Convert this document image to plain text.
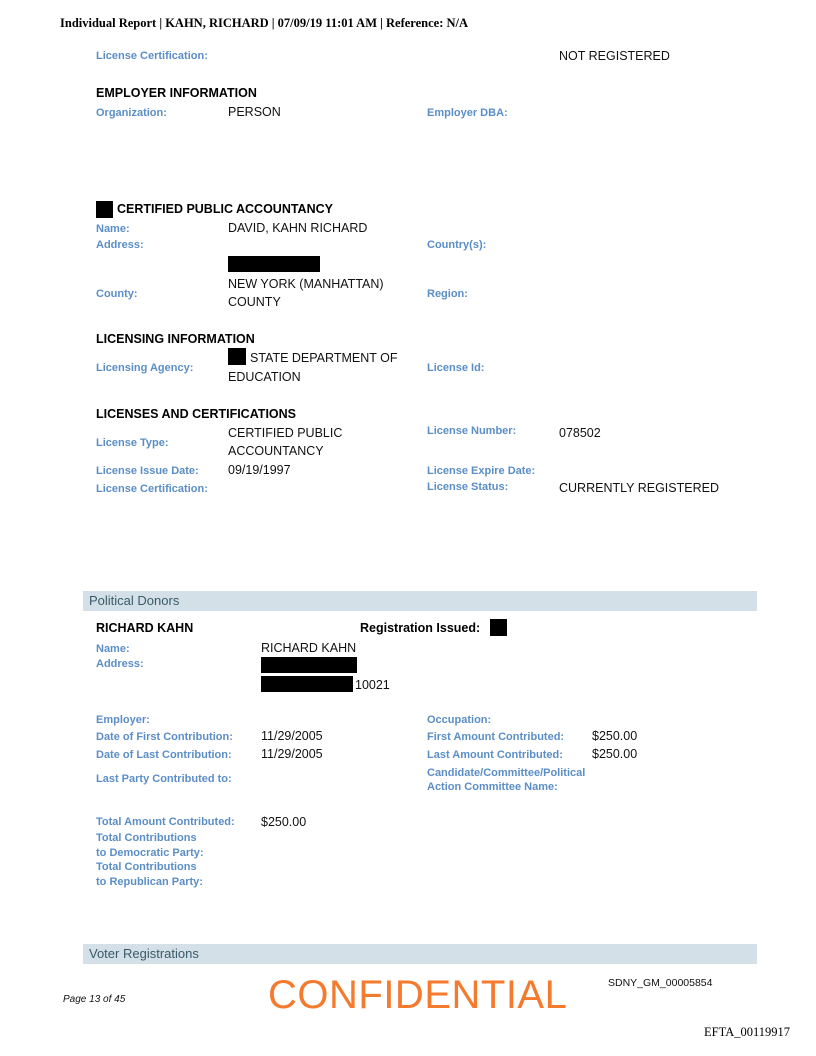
Individual Report | KAHN, RICHARD | 07/09/19 11:01 AM | Reference: N/A
License Certification:	NOT REGISTERED
EMPLOYER INFORMATION
Organization:	PERSON	Employer DBA:
CERTIFIED PUBLIC ACCOUNTANCY
Name:	DAVID, KAHN RICHARD
Address:	Country(s):
County:
NEW YORK (MANHATTAN)
COUNTY
Region:
LICENSING INFORMATION
Licensing Agency:
STATE DEPARTMENT OF
EDUCATION
License Id:
LICENSES AND CERTIFICATIONS
License Type:
CERTIFIED PUBLIC
ACCOUNTANCY
License Number:	078502
License Issue Date: 09/19/1997	License Expire Date:
License Certification:	License Status:	CURRENTLY REGISTERED
Political Donors
RICHARD KAHN	Registration Issued:
Name:	RICHARD KAHN
Address:
10021
Employer:	Occupation:
Date of First Contribution: 11/29/2005	First Amount Contributed: $250.00
Date of Last Contribution: 11/29/2005	Last Amount Contributed: $250.00
Last Party Contributed to:	Candidate/Committee/Political
Action Committee Name:
Total Amount Contributed: $250.00
Total Contributions
to Democratic Party:
Total Contributions
to Republican Party:
Voter Registrations
Page 13 of 45	CONFIDENTIAL	SDNY_GM_00005854
EFTA_00119917
